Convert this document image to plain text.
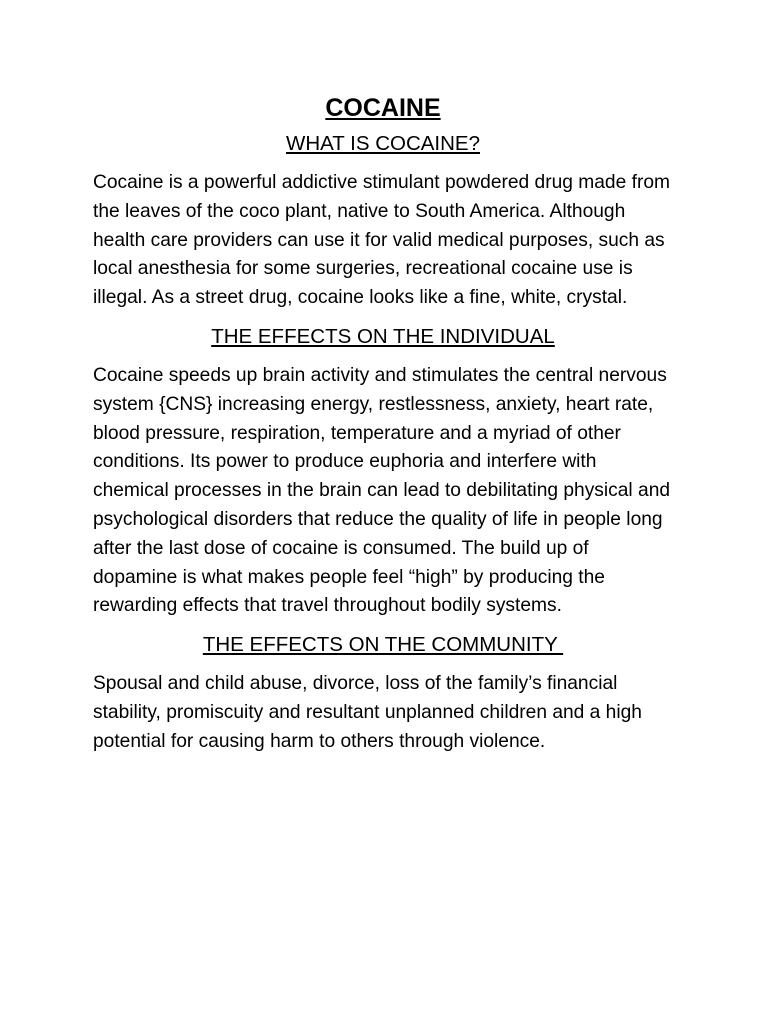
COCAINE
WHAT IS COCAINE?

Cocaine is a powerful addictive stimulant powdered drug made from the leaves of the coco plant, native to South America. Although health care providers can use it for valid medical purposes, such as local anesthesia for some surgeries, recreational cocaine use is illegal. As a street drug, cocaine looks like a fine, white, crystal.

THE EFFECTS ON THE INDIVIDUAL

Cocaine speeds up brain activity and stimulates the central nervous system {CNS} increasing energy, restlessness, anxiety, heart rate, blood pressure, respiration, temperature and a myriad of other conditions. Its power to produce euphoria and interfere with chemical processes in the brain can lead to debilitating physical and psychological disorders that reduce the quality of life in people long after the last dose of cocaine is consumed. The build up of dopamine is what makes people feel “high” by producing the rewarding effects that travel throughout bodily systems.

THE EFFECTS ON THE COMMUNITY

Spousal and child abuse, divorce, loss of the family’s financial stability, promiscuity and resultant unplanned children and a high potential for causing harm to others through violence.
